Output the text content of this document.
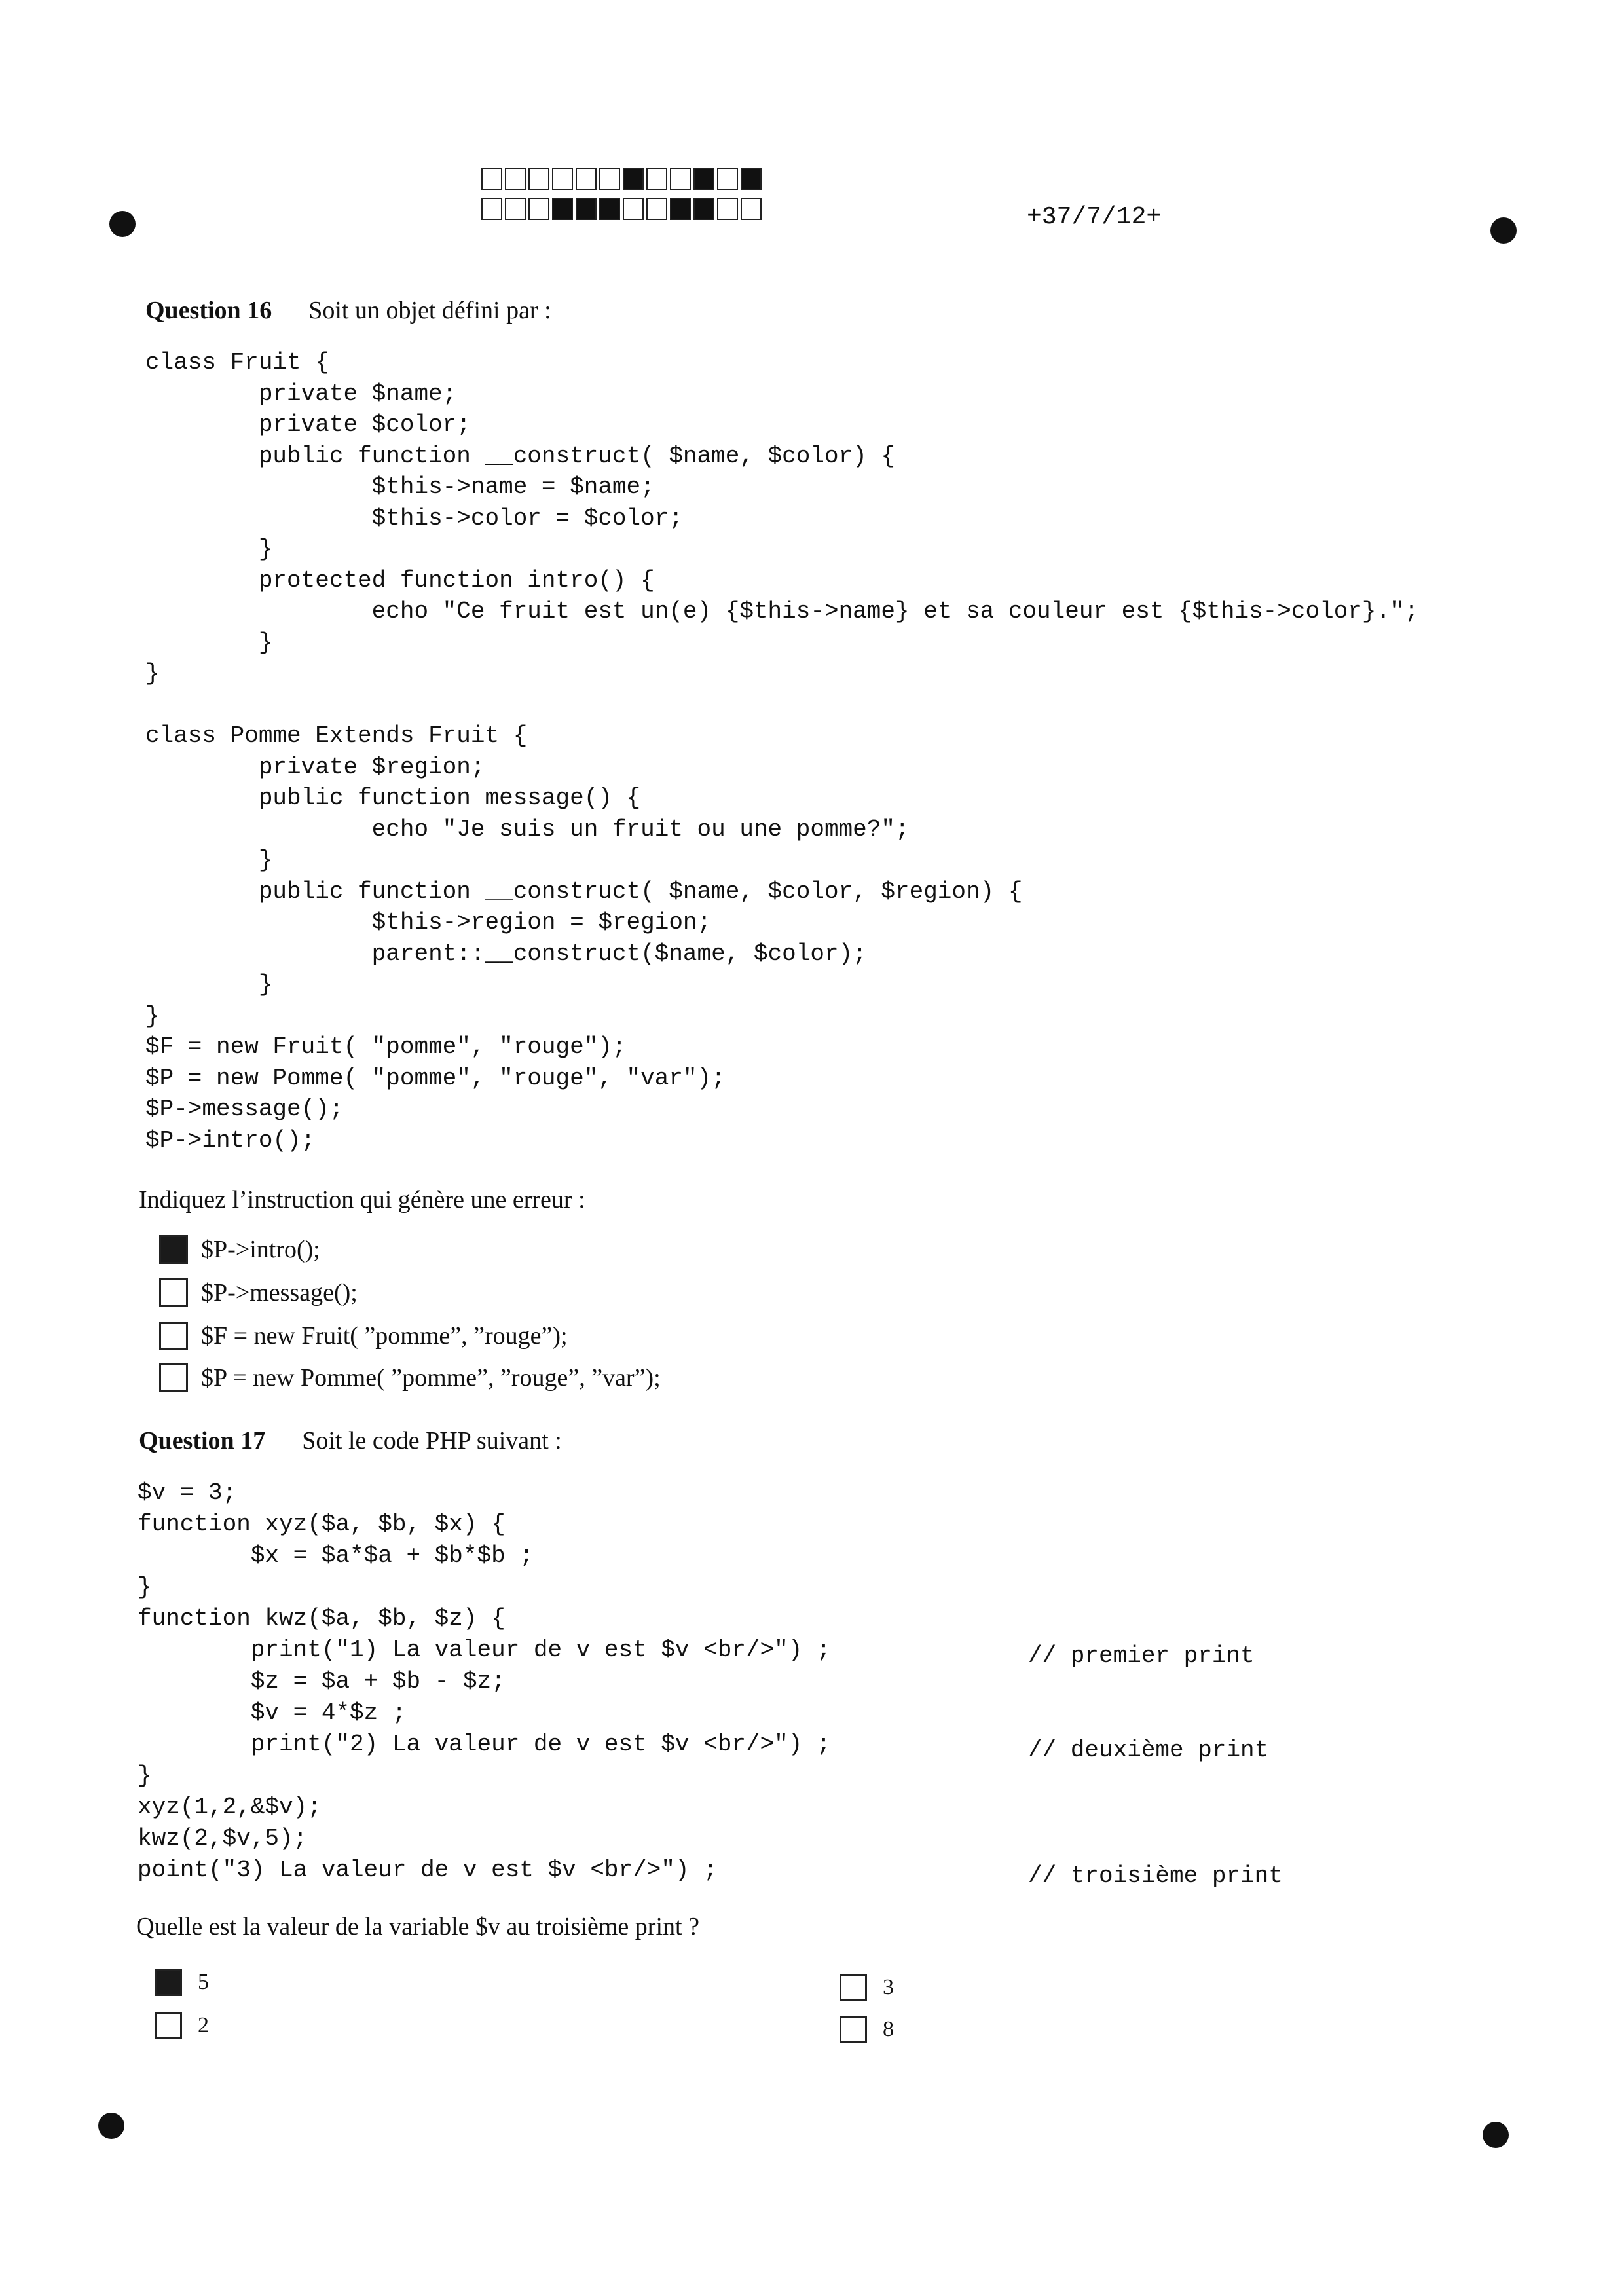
+37/7/12+
Question 16 Soit un objet défini par :
class Fruit {
private $name;
private $color;
public function __construct( $name, $color) {
$this->name = $name;
$this->color = $color;
}
protected function intro() {
echo "Ce fruit est un(e) {$this->name} et sa couleur est {$this->color}.";
}
}

class Pomme Extends Fruit {
private $region;
public function message() {
echo "Je suis un fruit ou une pomme?";
}
public function __construct( $name, $color, $region) {
$this->region = $region;
parent::__construct($name, $color);
}
}
$F = new Fruit( "pomme", "rouge");
$P = new Pomme( "pomme", "rouge", "var");
$P->message();
$P->intro();
Indiquez l’instruction qui génère une erreur :
$P->intro();
$P->message();
$F = new Fruit( ”pomme”, ”rouge”);
$P = new Pomme( ”pomme”, ”rouge”, ”var”);
Question 17 Soit le code PHP suivant :
$v = 3;
function xyz($a, $b, $x) {
$x = $a*$a + $b*$b ;
}
function kwz($a, $b, $z) {
print("1) La valeur de v est $v <br/>") ;
$z = $a + $b - $z;
$v = 4*$z ;
print("2) La valeur de v est $v <br/>") ;
}
xyz(1,2,&$v);
kwz(2,$v,5);
point("3) La valeur de v est $v <br/>") ;
// premier print
// deuxième print
// troisième print
Quelle est la valeur de la variable $v au troisième print ?
5
2
3
8
